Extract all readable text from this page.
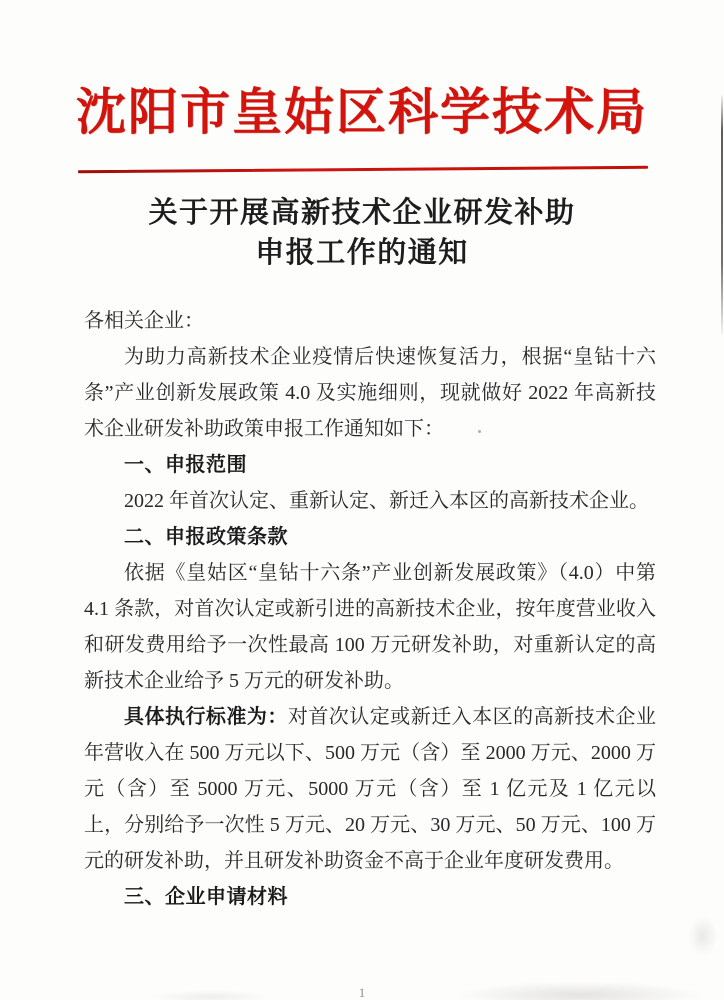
沈阳市皇姑区科学技术局
关于开展高新技术企业研发补助
申报工作的通知

各相关企业：

为助力高新技术企业疫情后快速恢复活力，根据“皇钻十六条”产业创新发展政策 4.0 及实施细则，现就做好 2022 年高新技术企业研发补助政策申报工作通知如下：

一、申报范围

2022 年首次认定、重新认定、新迁入本区的高新技术企业。

二、申报政策条款

依据《皇姑区“皇钻十六条”产业创新发展政策》（4.0）中第 4.1 条款，对首次认定或新引进的高新技术企业，按年度营业收入和研发费用给予一次性最高 100 万元研发补助，对重新认定的高新技术企业给予 5 万元的研发补助。

具体执行标准为：对首次认定或新迁入本区的高新技术企业年营收入在 500 万元以下、500 万元（含）至 2000 万元、2000 万元（含）至 5000 万元、5000 万元（含）至 1 亿元及 1 亿元以上，分别给予一次性 5 万元、20 万元、30 万元、50 万元、100 万元的研发补助，并且研发补助资金不高于企业年度研发费用。

三、企业申请材料

1
